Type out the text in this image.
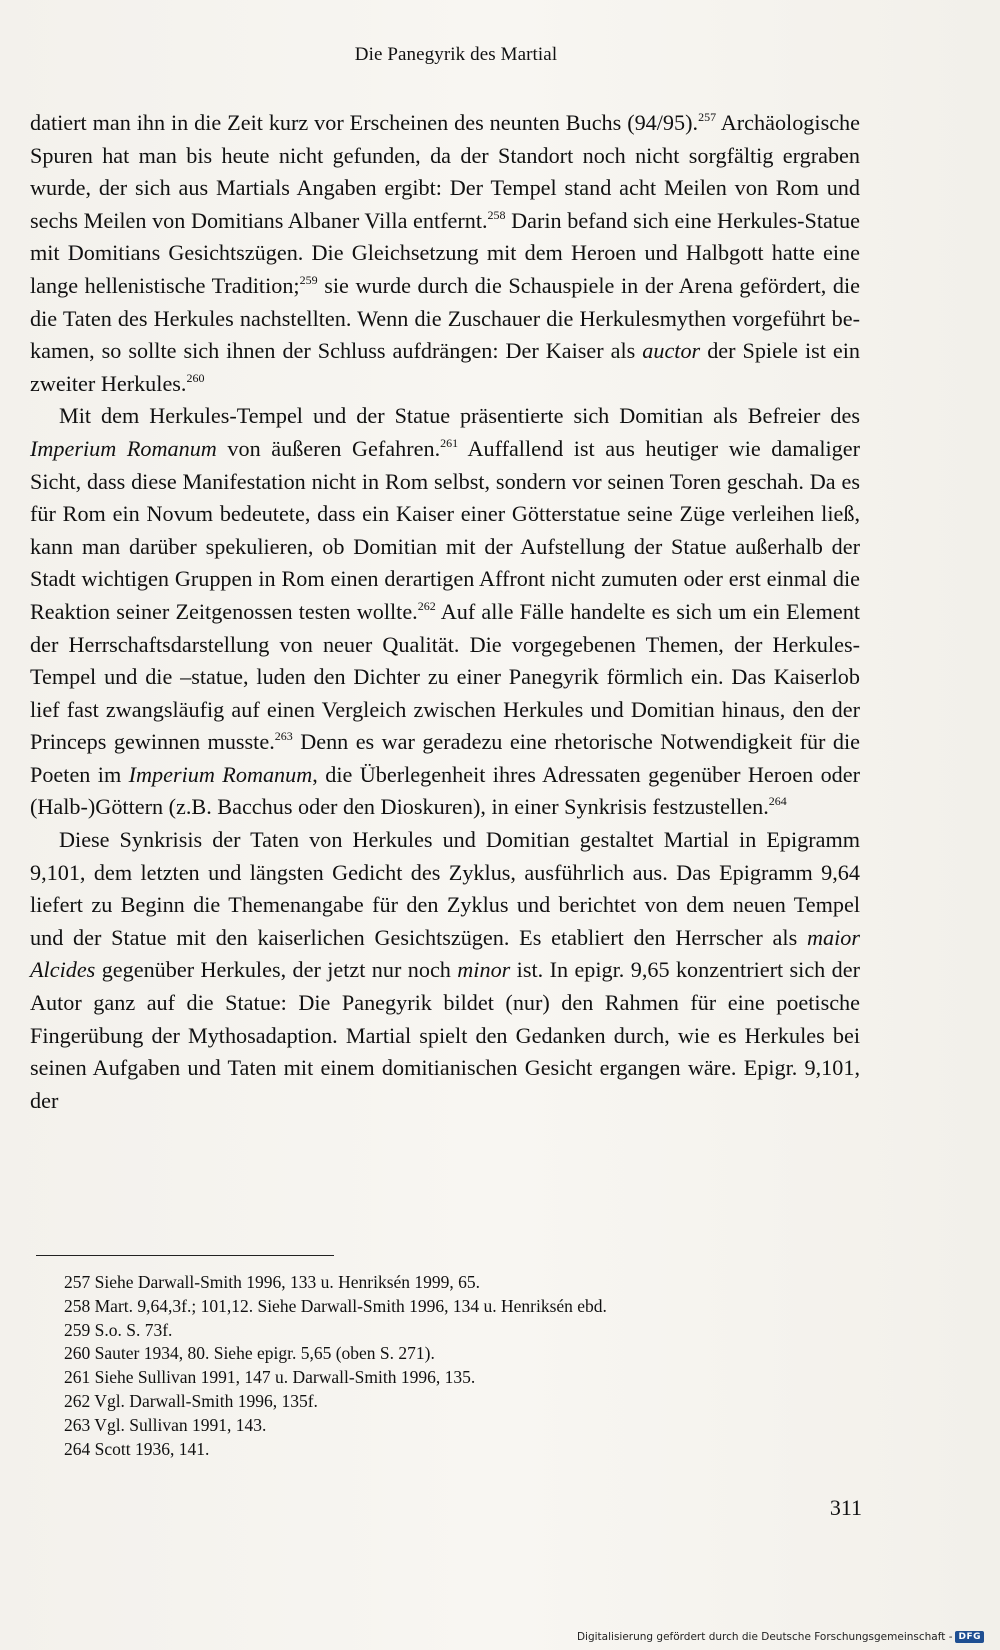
Die Panegyrik des Martial

datiert man ihn in die Zeit kurz vor Erscheinen des neunten Buchs (94/95).$^{257}$ Archäologische Spuren hat man bis heute nicht gefunden, da der Standort noch nicht sorgfältig ergraben wurde, der sich aus Martials Angaben ergibt: Der Tempel stand acht Meilen von Rom und sechs Meilen von Domitians Albaner Villa entfernt.$^{258}$ Darin befand sich eine Herkules-Statue mit Domitians Gesichtszügen. Die Gleichsetzung mit dem Heroen und Halbgott hatte eine lange hellenistische Tradition;$^{259}$ sie wurde durch die Schauspiele in der Arena gefördert, die die Taten des Herkules nachstellten. Wenn die Zuschauer die Herkulesmythen vorgeführt bekamen, so sollte sich ihnen der Schluss aufdrängen: Der Kaiser als auctor der Spiele ist ein zweiter Herkules.$^{260}$

Mit dem Herkules-Tempel und der Statue präsentierte sich Domitian als Befreier des Imperium Romanum von äußeren Gefahren.$^{261}$ Auffallend ist aus heutiger wie damaliger Sicht, dass diese Manifestation nicht in Rom selbst, sondern vor seinen Toren geschah. Da es für Rom ein Novum bedeutete, dass ein Kaiser einer Götterstatue seine Züge verleihen ließ, kann man darüber spekulieren, ob Domitian mit der Aufstellung der Statue außerhalb der Stadt wichtigen Gruppen in Rom einen derartigen Affront nicht zumuten oder erst einmal die Reaktion seiner Zeitgenossen testen wollte.$^{262}$ Auf alle Fälle handelte es sich um ein Element der Herrschaftsdarstellung von neuer Qualität. Die vorgegebenen Themen, der Herkules-Tempel und die –statue, luden den Dichter zu einer Panegyrik förmlich ein. Das Kaiserlob lief fast zwangsläufig auf einen Vergleich zwischen Herkules und Domitian hinaus, den der Princeps gewinnen musste.$^{263}$ Denn es war geradezu eine rhetorische Notwendigkeit für die Poeten im Imperium Romanum, die Überlegenheit ihres Adressaten gegenüber Heroen oder (Halb-)Göttern (z.B. Bacchus oder den Dioskuren), in einer Synkrisis festzustellen.$^{264}$

Diese Synkrisis der Taten von Herkules und Domitian gestaltet Martial in Epigramm 9,101, dem letzten und längsten Gedicht des Zyklus, ausführlich aus. Das Epigramm 9,64 liefert zu Beginn die Themenangabe für den Zyklus und berichtet von dem neuen Tempel und der Statue mit den kaiserlichen Gesichtszügen. Es etabliert den Herrscher als maior Alcides gegenüber Herkules, der jetzt nur noch minor ist. In epigr. 9,65 konzentriert sich der Autor ganz auf die Statue: Die Panegyrik bildet (nur) den Rahmen für eine poetische Fingerübung der Mythosadaption. Martial spielt den Gedanken durch, wie es Herkules bei seinen Aufgaben und Taten mit einem domitianischen Gesicht ergangen wäre. Epigr. 9,101, der

257 Siehe Darwall-Smith 1996, 133 u. Henriksén 1999, 65.
258 Mart. 9,64,3f.; 101,12. Siehe Darwall-Smith 1996, 134 u. Henriksén ebd.
259 S.o. S. 73f.
260 Sauter 1934, 80. Siehe epigr. 5,65 (oben S. 271).
261 Siehe Sullivan 1991, 147 u. Darwall-Smith 1996, 135.
262 Vgl. Darwall-Smith 1996, 135f.
263 Vgl. Sullivan 1991, 143.
264 Scott 1936, 141.
311
Digitalisierung gefördert durch die Deutsche Forschungsgemeinschaft - DFG
